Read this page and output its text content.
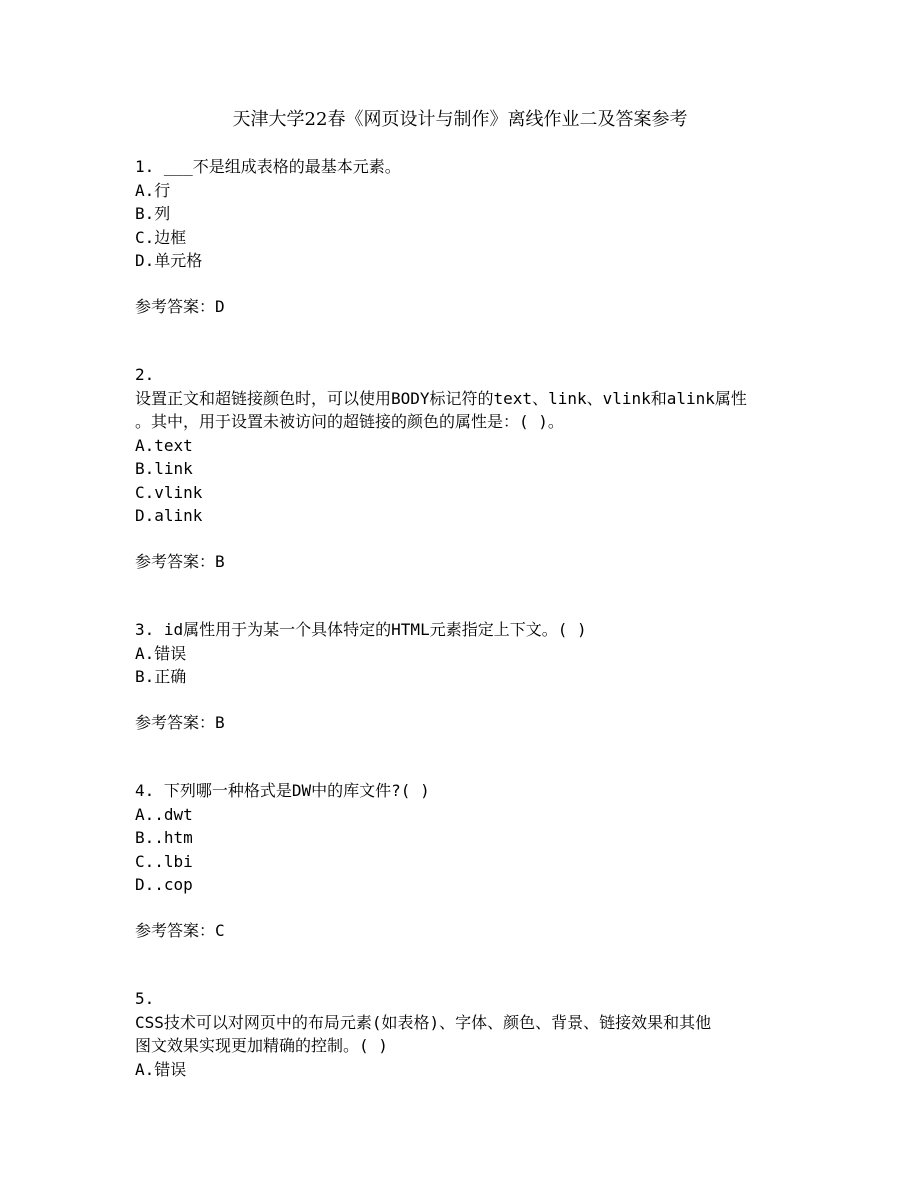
天津大学22春《网页设计与制作》离线作业二及答案参考
1. ___不是组成表格的最基本元素。
A.行
B.列
C.边框
D.单元格
参考答案：D
2.
设置正文和超链接颜色时，可以使用BODY标记符的text、link、vlink和alink属性
。其中，用于设置未被访问的超链接的颜色的属性是：( )。
A.text
B.link
C.vlink
D.alink
参考答案：B
3. id属性用于为某一个具体特定的HTML元素指定上下文。( )
A.错误
B.正确
参考答案：B
4. 下列哪一种格式是DW中的库文件?( )
A..dwt
B..htm
C..lbi
D..cop
参考答案：C
5.
CSS技术可以对网页中的布局元素(如表格)、字体、颜色、背景、链接效果和其他
图文效果实现更加精确的控制。( )
A.错误
